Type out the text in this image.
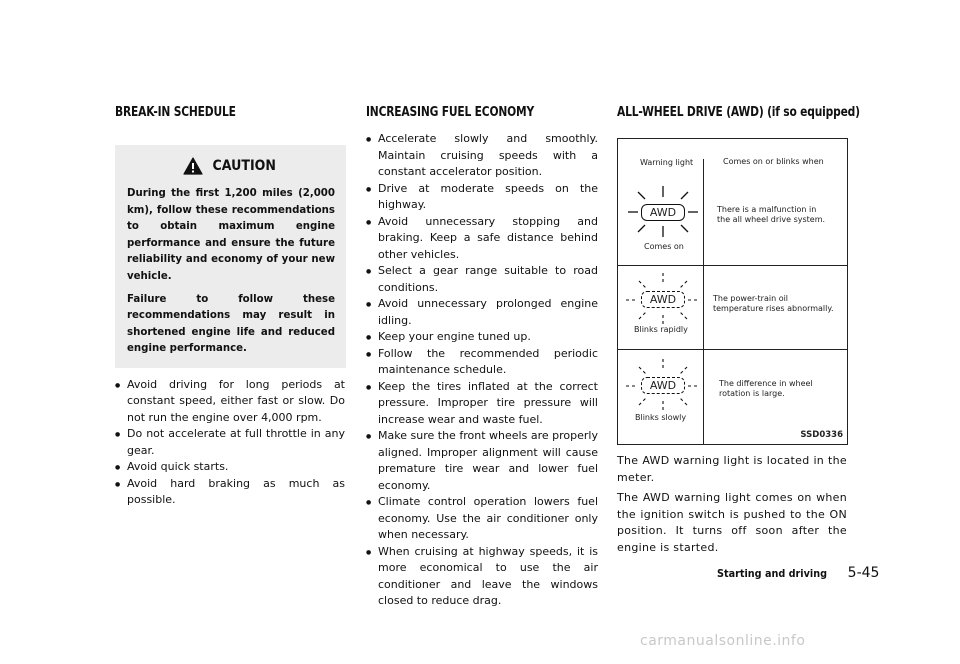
BREAK-IN SCHEDULE
CAUTION

During the first 1,200 miles (2,000 km), follow these recommendations to obtain maximum engine performance and ensure the future reliability and economy of your new vehicle.

Failure to follow these recommendations may result in shortened engine life and reduced engine performance.

● Avoid driving for long periods at constant speed, either fast or slow. Do not run the engine over 4,000 rpm.
● Do not accelerate at full throttle in any gear.
● Avoid quick starts.
● Avoid hard braking as much as possible.
INCREASING FUEL ECONOMY
● Accelerate slowly and smoothly. Maintain cruising speeds with a constant accelerator position.
● Drive at moderate speeds on the highway.
● Avoid unnecessary stopping and braking. Keep a safe distance behind other vehicles.
● Select a gear range suitable to road conditions.
● Avoid unnecessary prolonged engine idling.
● Keep your engine tuned up.
● Follow the recommended periodic maintenance schedule.
● Keep the tires inflated at the correct pressure. Improper tire pressure will increase wear and waste fuel.
● Make sure the front wheels are properly aligned. Improper alignment will cause premature tire wear and lower fuel economy.
● Climate control operation lowers fuel economy. Use the air conditioner only when necessary.
● When cruising at highway speeds, it is more economical to use the air conditioner and leave the windows closed to reduce drag.
ALL-WHEEL DRIVE (AWD) (if so equipped)
Warning light	Comes on or blinks when
AWD
Comes on
There is a malfunction in the all wheel drive system.
AWD
Blinks rapidly
The power-train oil temperature rises abnormally.
AWD
Blinks slowly
The difference in wheel rotation is large.
SSD0336

The AWD warning light is located in the meter.

The AWD warning light comes on when the ignition switch is pushed to the ON position. It turns off soon after the engine is started.

Starting and driving 5-45
carmanualsonline.info
